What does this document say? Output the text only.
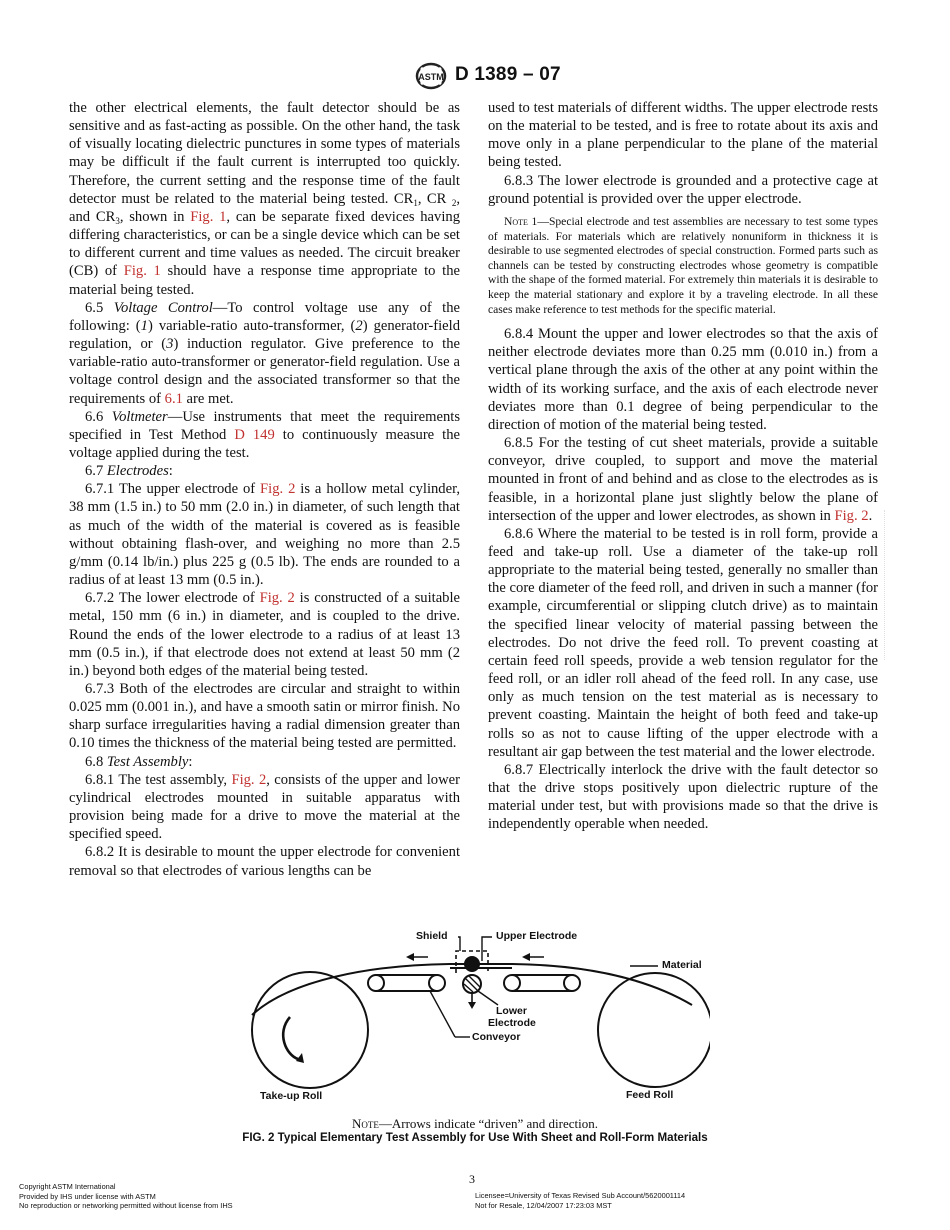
ASTM D 1389 – 07

the other electrical elements, the fault detector should be as sensitive and as fast-acting as possible. On the other hand, the task of visually locating dielectric punctures in some types of materials may be difficult if the fault current is interrupted too quickly. Therefore, the current setting and the response time of the fault detector must be related to the material being tested. $CR_1$, CR $_2$, and $CR_3$, shown in Fig. 1, can be separate fixed devices having differing characteristics, or can be a single device which can be set to different current and time values as needed. The circuit breaker (CB) of Fig. 1 should have a response time appropriate to the material being tested.

6.5 Voltage Control—To control voltage use any of the following: (1) variable-ratio auto-transformer, (2) generator-field regulation, or (3) induction regulator. Give preference to the variable-ratio auto-transformer or generator-field regulation. Use a voltage control design and the associated transformer so that the requirements of 6.1 are met.

6.6 Voltmeter—Use instruments that meet the requirements specified in Test Method D 149 to continuously measure the voltage applied during the test.

6.7 Electrodes:

6.7.1 The upper electrode of Fig. 2 is a hollow metal cylinder, 38 mm (1.5 in.) to 50 mm (2.0 in.) in diameter, of such length that as much of the width of the material is covered as is feasible without obtaining flash-over, and weighing no more than 2.5 g/mm (0.14 lb/in.) plus 225 g (0.5 lb). The ends are rounded to a radius of at least 13 mm (0.5 in.).

6.7.2 The lower electrode of Fig. 2 is constructed of a suitable metal, 150 mm (6 in.) in diameter, and is coupled to the drive. Round the ends of the lower electrode to a radius of at least 13 mm (0.5 in.), if that electrode does not extend at least 50 mm (2 in.) beyond both edges of the material being tested.

6.7.3 Both of the electrodes are circular and straight to within 0.025 mm (0.001 in.), and have a smooth satin or mirror finish. No sharp surface irregularities having a radial dimension greater than 0.10 times the thickness of the material being tested are permitted.

6.8 Test Assembly:

6.8.1 The test assembly, Fig. 2, consists of the upper and lower cylindrical electrodes mounted in suitable apparatus with provision being made for a drive to move the material at the specified speed.

6.8.2 It is desirable to mount the upper electrode for convenient removal so that electrodes of various lengths can be

used to test materials of different widths. The upper electrode rests on the material to be tested, and is free to rotate about its axis and move only in a plane perpendicular to the plane of the material being tested.

6.8.3 The lower electrode is grounded and a protective cage at ground potential is provided over the upper electrode.

Note 1—Special electrode and test assemblies are necessary to test some types of materials. For materials which are relatively nonuniform in thickness it is desirable to use segmented electrodes of special construction. Formed parts such as channels can be tested by constructing electrodes whose geometry is compatible with the shape of the formed material. For extremely thin materials it is desirable to keep the material stationary and explore it by a traveling electrode. In all these cases make reference to test methods for the specific material.

6.8.4 Mount the upper and lower electrodes so that the axis of neither electrode deviates more than 0.25 mm (0.010 in.) from a vertical plane through the axis of the other at any point within the width of its working surface, and the axis of each electrode never deviates more than 0.1 degree of being perpendicular to the direction of motion of the material being tested.

6.8.5 For the testing of cut sheet materials, provide a suitable conveyor, drive coupled, to support and move the material mounted in front of and behind and as close to the electrodes as is feasible, in a horizontal plane just slightly below the plane of intersection of the upper and lower electrodes, as shown in Fig. 2.

6.8.6 Where the material to be tested is in roll form, provide a feed and take-up roll. Use a diameter of the take-up roll appropriate to the material being tested, generally no smaller than the core diameter of the feed roll, and driven in such a manner (for example, circumferential or slipping clutch drive) as to maintain the specified linear velocity of material passing between the electrodes. Do not drive the feed roll. To prevent coasting at certain feed roll speeds, provide a web tension regulator for the feed roll, or an idler roll ahead of the feed roll. In any case, use only as much tension on the test material as is necessary to prevent coasting. Maintain the height of both feed and take-up rolls so as not to cause lifting of the upper electrode with a resultant air gap between the test material and the lower electrode.

6.8.7 Electrically interlock the drive with the fault detector so that the drive stops positively upon dielectric rupture of the material under test, but with provisions made so that the drive is independently operable when needed.

Shield	Upper Electrode
Material
Lower
Electrode
Conveyor
Take-up Roll	Feed Roll
Note—Arrows indicate “driven” and direction.
FIG. 2 Typical Elementary Test Assembly for Use With Sheet and Roll-Form Materials
3
Copyright ASTM International
Provided by IHS under license with ASTM
No reproduction or networking permitted without license from IHS
Licensee=University of Texas Revised Sub Account/5620001114
Not for Resale, 12/04/2007 17:23:03 MST
